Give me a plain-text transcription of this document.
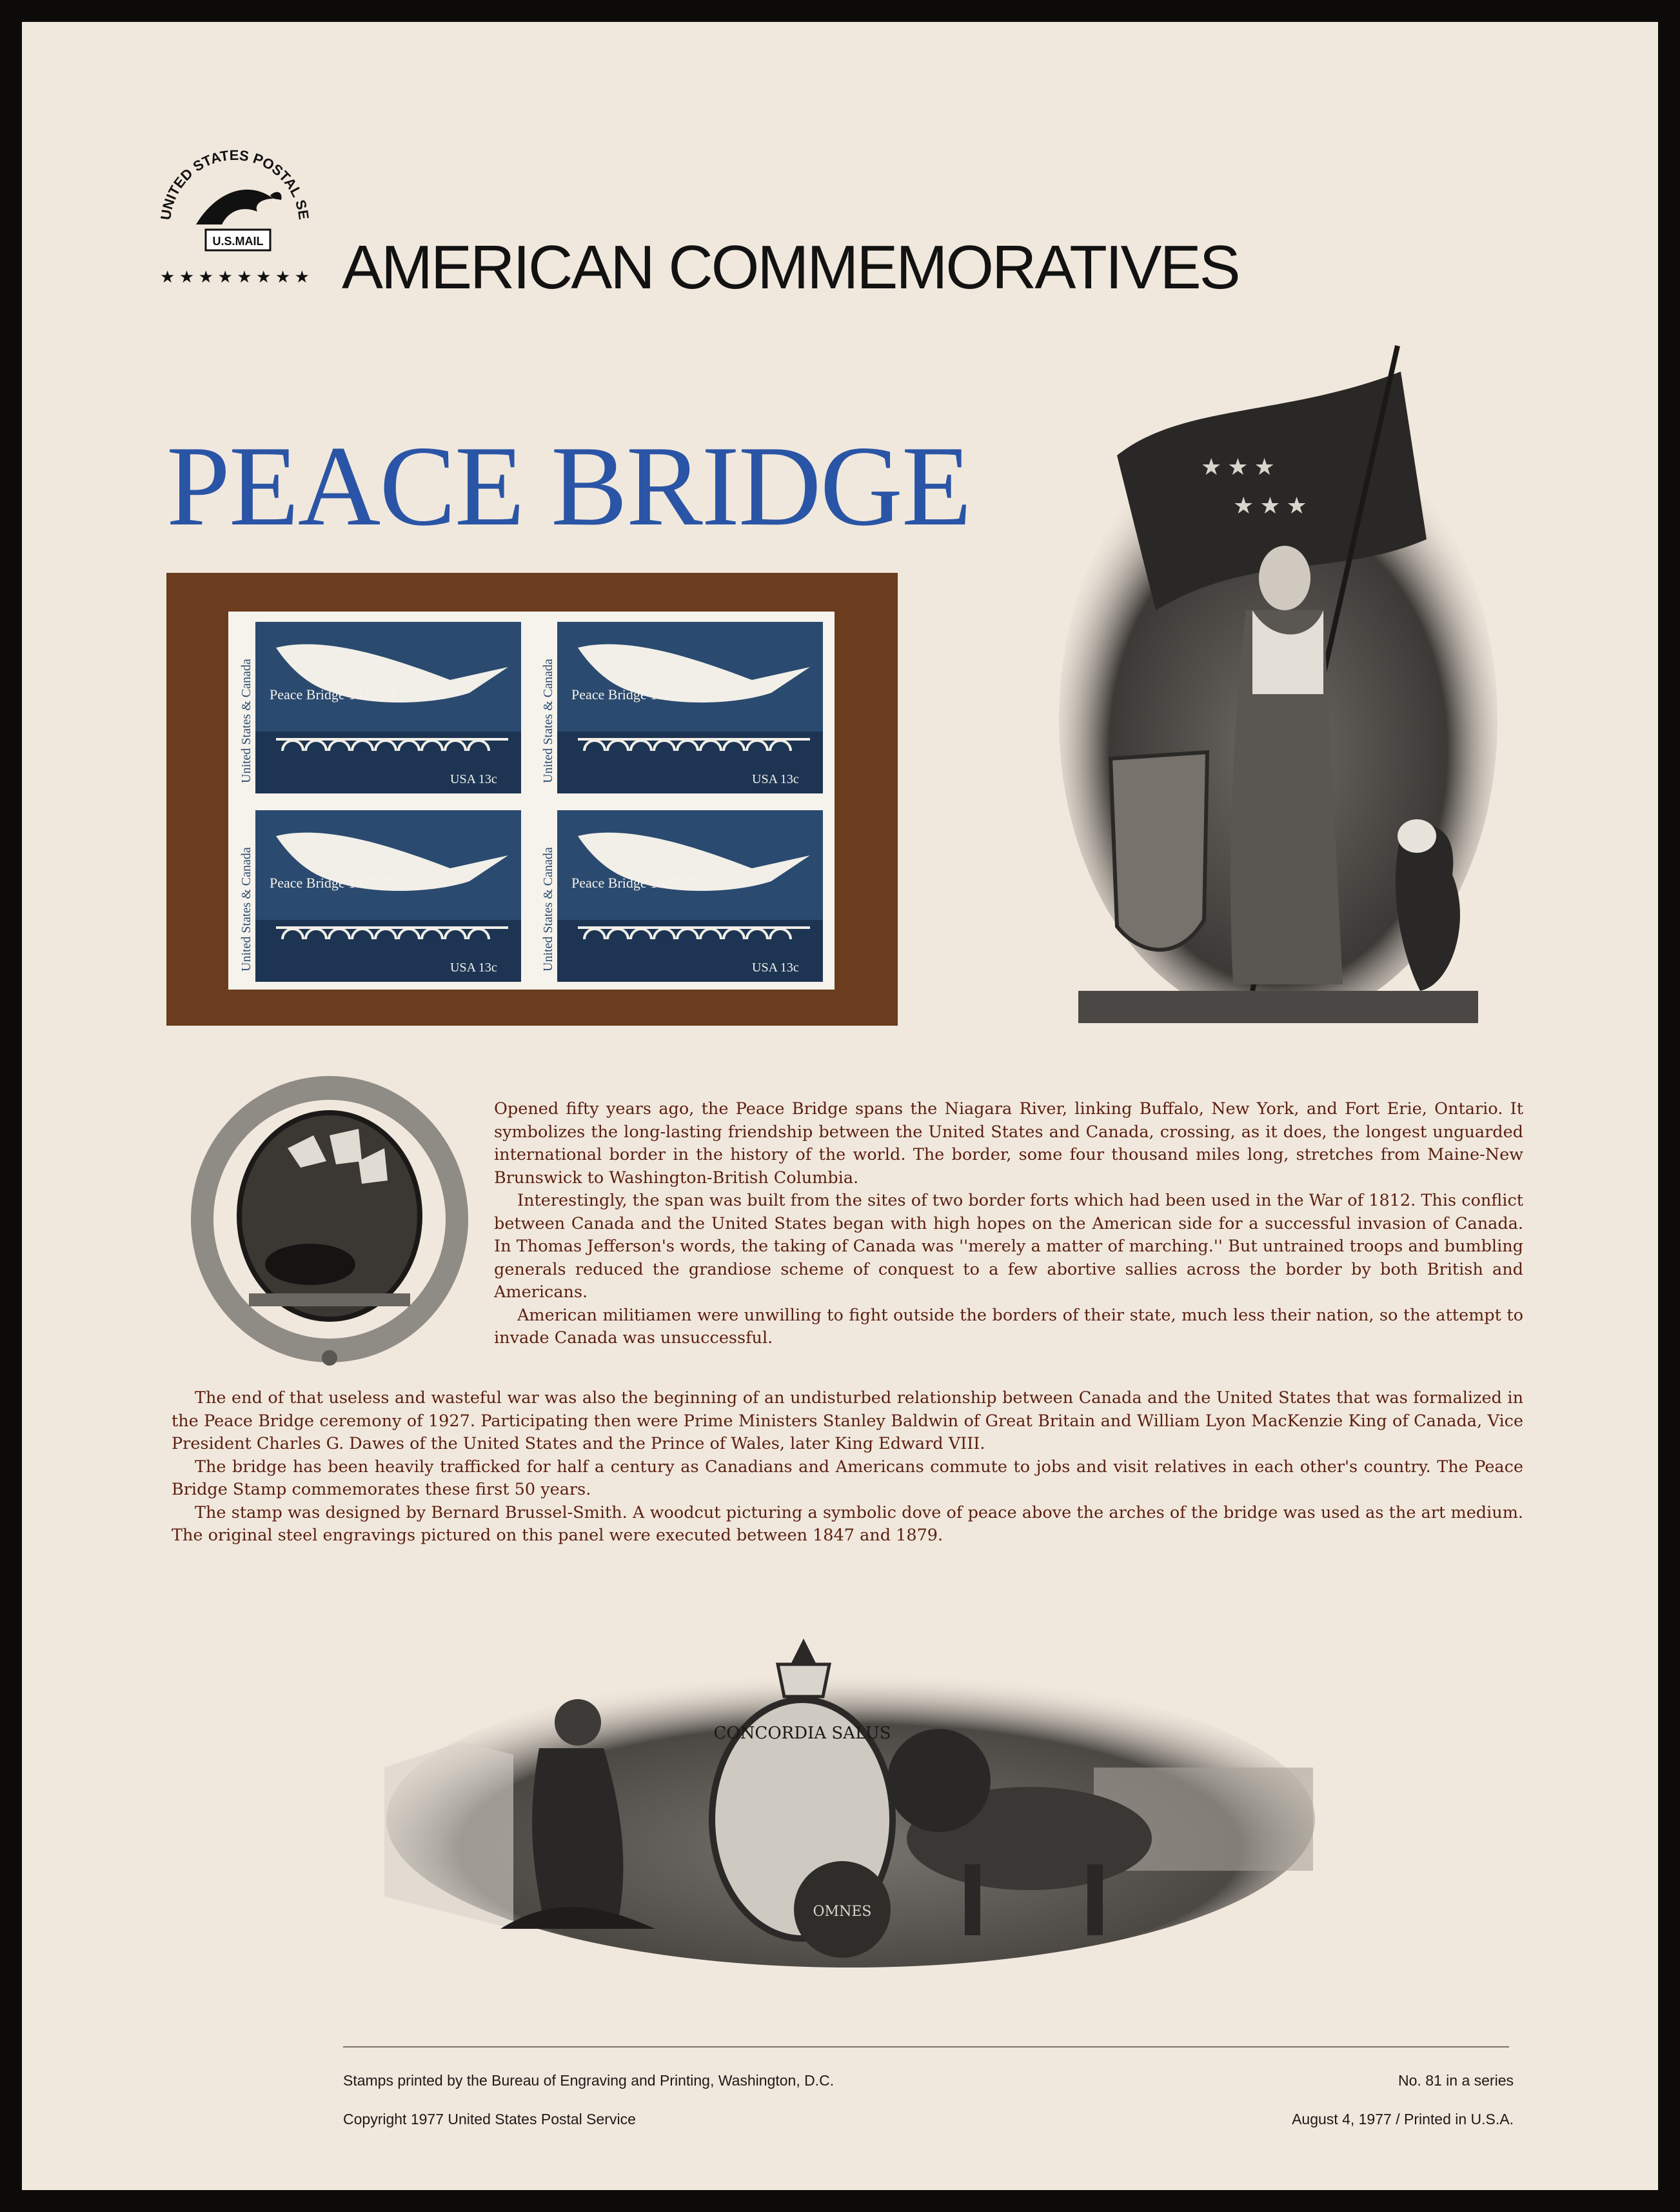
UNITED STATES POSTAL SE
U.S.MAIL
★ ★ ★ ★ ★ ★ ★ ★ AMERICAN COMMEMORATIVES
PEACE BRIDGE
United States & Canada Peace Bridge 1927-77
USA 13c	United States & Canada Peace Bridge 1927-77
USA 13c
United States & Canada Peace Bridge 1927-77
USA 13c	United States & Canada Peace Bridge 1927-77
USA 13c
★ ★ ★
★ ★ ★

Opened fifty years ago, the Peace Bridge spans the Niagara River, linking Buffalo, New York, and Fort Erie, Ontario. It symbolizes the long-lasting friendship between the United States and Canada, crossing, as it does, the longest unguarded international border in the history of the world. The border, some four thousand miles long, stretches from Maine-New Brunswick to Washington-British Columbia.

Interestingly, the span was built from the sites of two border forts which had been used in the War of 1812. This conflict between Canada and the United States began with high hopes on the American side for a successful invasion of Canada. In Thomas Jefferson's words, the taking of Canada was ''merely a matter of marching.'' But untrained troops and bumbling generals reduced the grandiose scheme of conquest to a few abortive sallies across the border by both British and Americans.

American militiamen were unwilling to fight outside the borders of their state, much less their nation, so the attempt to invade Canada was unsuccessful.

The end of that useless and wasteful war was also the beginning of an undisturbed relationship between Canada and the United States that was formalized in the Peace Bridge ceremony of 1927. Participating then were Prime Ministers Stanley Baldwin of Great Britain and William Lyon MacKenzie King of Canada, Vice President Charles G. Dawes of the United States and the Prince of Wales, later King Edward VIII.

The bridge has been heavily trafficked for half a century as Canadians and Americans commute to jobs and visit relatives in each other's country. The Peace Bridge Stamp commemorates these first 50 years.

The stamp was designed by Bernard Brussel-Smith. A woodcut picturing a symbolic dove of peace above the arches of the bridge was used as the art medium. The original steel engravings pictured on this panel were executed between 1847 and 1879.

CONCORDIA SALUS
OMNES
Stamps printed by the Bureau of Engraving and Printing, Washington, D.C.
Copyright 1977 United States Postal Service
No. 81 in a series
August 4, 1977 / Printed in U.S.A.
